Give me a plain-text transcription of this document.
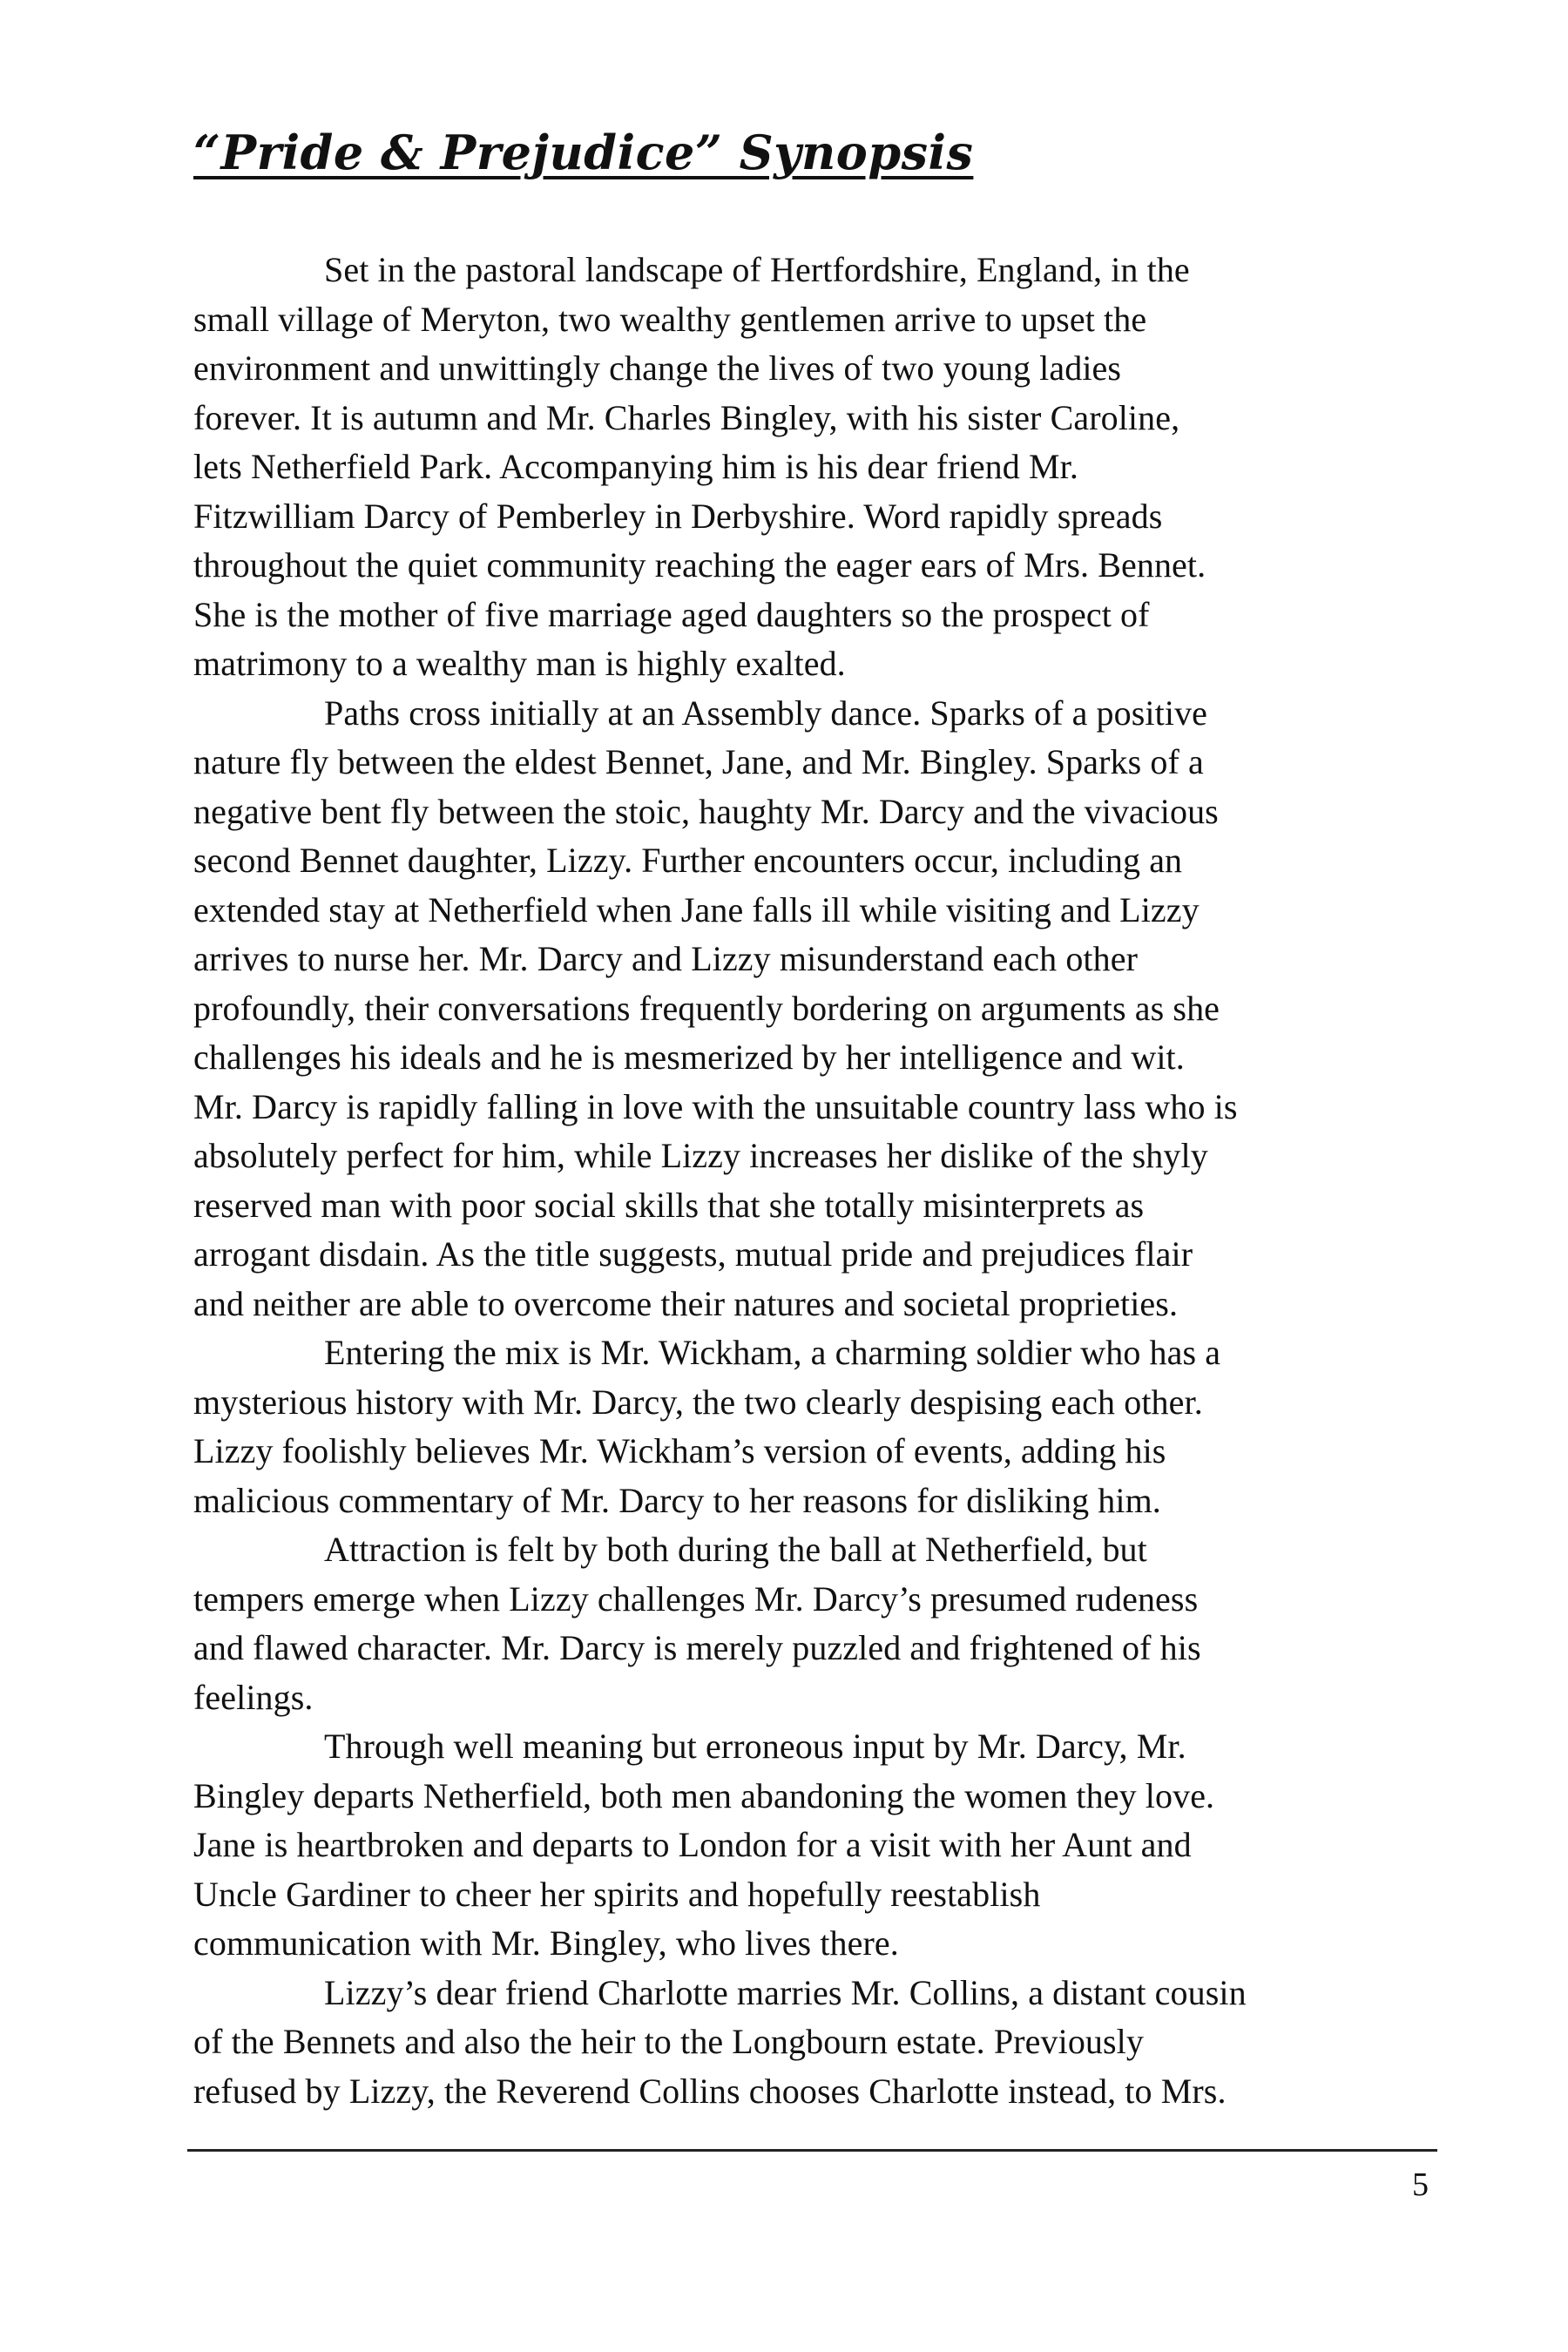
“Pride & Prejudice” Synopsis
Set in the pastoral landscape of Hertfordshire, England, in the
small village of Meryton, two wealthy gentlemen arrive to upset the
environment and unwittingly change the lives of two young ladies
forever. It is autumn and Mr. Charles Bingley, with his sister Caroline,
lets Netherfield Park. Accompanying him is his dear friend Mr.
Fitzwilliam Darcy of Pemberley in Derbyshire. Word rapidly spreads
throughout the quiet community reaching the eager ears of Mrs. Bennet.
She is the mother of five marriage aged daughters so the prospect of
matrimony to a wealthy man is highly exalted.
Paths cross initially at an Assembly dance. Sparks of a positive
nature fly between the eldest Bennet, Jane, and Mr. Bingley. Sparks of a
negative bent fly between the stoic, haughty Mr. Darcy and the vivacious
second Bennet daughter, Lizzy. Further encounters occur, including an
extended stay at Netherfield when Jane falls ill while visiting and Lizzy
arrives to nurse her. Mr. Darcy and Lizzy misunderstand each other
profoundly, their conversations frequently bordering on arguments as she
challenges his ideals and he is mesmerized by her intelligence and wit.
Mr. Darcy is rapidly falling in love with the unsuitable country lass who is
absolutely perfect for him, while Lizzy increases her dislike of the shyly
reserved man with poor social skills that she totally misinterprets as
arrogant disdain. As the title suggests, mutual pride and prejudices flair
and neither are able to overcome their natures and societal proprieties.
Entering the mix is Mr. Wickham, a charming soldier who has a
mysterious history with Mr. Darcy, the two clearly despising each other.
Lizzy foolishly believes Mr. Wickham’s version of events, adding his
malicious commentary of Mr. Darcy to her reasons for disliking him.
Attraction is felt by both during the ball at Netherfield, but
tempers emerge when Lizzy challenges Mr. Darcy’s presumed rudeness
and flawed character. Mr. Darcy is merely puzzled and frightened of his
feelings.
Through well meaning but erroneous input by Mr. Darcy, Mr.
Bingley departs Netherfield, both men abandoning the women they love.
Jane is heartbroken and departs to London for a visit with her Aunt and
Uncle Gardiner to cheer her spirits and hopefully reestablish
communication with Mr. Bingley, who lives there.
Lizzy’s dear friend Charlotte marries Mr. Collins, a distant cousin
of the Bennets and also the heir to the Longbourn estate. Previously
refused by Lizzy, the Reverend Collins chooses Charlotte instead, to Mrs.
5
